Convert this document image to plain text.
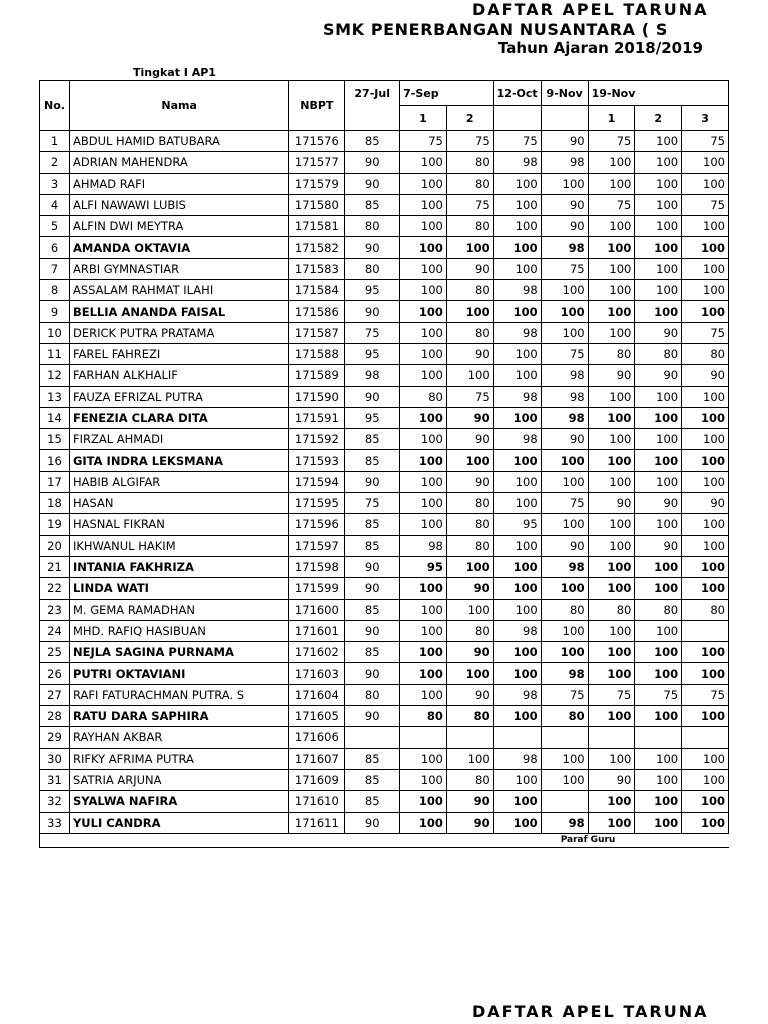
DAFTAR APEL TARUNA
SMK PENERBANGAN NUSANTARA ( S
Tahun Ajaran 2018/2019
Tingkat I AP1
No.	Nama	NBPT	27-Jul	7-Sep		12-Oct	9-Nov	19-Nov		
				1	2			1	2	3
1	ABDUL HAMID BATUBARA	171576	85	75	75	75	90	75	100	75
2	ADRIAN MAHENDRA	171577	90	100	80	98	98	100	100	100
3	AHMAD RAFI	171579	90	100	80	100	100	100	100	100
4	ALFI NAWAWI LUBIS	171580	85	100	75	100	90	75	100	75
5	ALFIN DWI MEYTRA	171581	80	100	80	100	90	100	100	100
6	AMANDA OKTAVIA	171582	90	100	100	100	98	100	100	100
7	ARBI GYMNASTIAR	171583	80	100	90	100	75	100	100	100
8	ASSALAM RAHMAT ILAHI	171584	95	100	80	98	100	100	100	100
9	BELLIA ANANDA FAISAL	171586	90	100	100	100	100	100	100	100
10	DERICK PUTRA PRATAMA	171587	75	100	80	98	100	100	90	75
11	FAREL FAHREZI	171588	95	100	90	100	75	80	80	80
12	FARHAN ALKHALIF	171589	98	100	100	100	98	90	90	90
13	FAUZA EFRIZAL PUTRA	171590	90	80	75	98	98	100	100	100
14	FENEZIA CLARA DITA	171591	95	100	90	100	98	100	100	100
15	FIRZAL AHMADI	171592	85	100	90	98	90	100	100	100
16	GITA INDRA LEKSMANA	171593	85	100	100	100	100	100	100	100
17	HABIB ALGIFAR	171594	90	100	90	100	100	100	100	100
18	HASAN	171595	75	100	80	100	75	90	90	90
19	HASNAL FIKRAN	171596	85	100	80	95	100	100	100	100
20	IKHWANUL HAKIM	171597	85	98	80	100	90	100	90	100
21	INTANIA FAKHRIZA	171598	90	95	100	100	98	100	100	100
22	LINDA WATI	171599	90	100	90	100	100	100	100	100
23	M. GEMA RAMADHAN	171600	85	100	100	100	80	80	80	80
24	MHD. RAFIQ HASIBUAN	171601	90	100	80	98	100	100	100	
25	NEJLA SAGINA PURNAMA	171602	85	100	90	100	100	100	100	100
26	PUTRI OKTAVIANI	171603	90	100	100	100	98	100	100	100
27	RAFI FATURACHMAN PUTRA. S	171604	80	100	90	98	75	75	75	75
28	RATU DARA SAPHIRA	171605	90	80	80	100	80	100	100	100
29	RAYHAN AKBAR	171606								
30	RIFKY AFRIMA PUTRA	171607	85	100	100	98	100	100	100	100
31	SATRIA ARJUNA	171609	85	100	80	100	100	90	100	100
32	SYALWA NAFIRA	171610	85	100	90	100		100	100	100
33	YULI CANDRA	171611	90	100	90	100	98	100	100	100
							Paraf Guru			
DAFTAR APEL TARUNA
